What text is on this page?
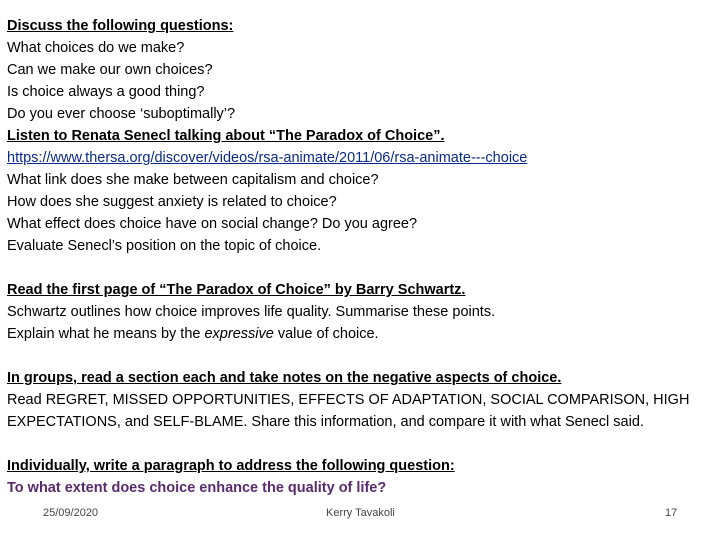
Discuss the following questions:
What choices do we make?
Can we make our own choices?
Is choice always a good thing?
Do you ever choose ‘suboptimally’?
Listen to Renata Senecl talking about “The Paradox of Choice”.
https://www.thersa.org/discover/videos/rsa-animate/2011/06/rsa-animate---choice
What link does she make between capitalism and choice?
How does she suggest anxiety is related to choice?
What effect does choice have on social change? Do you agree?
Evaluate Senecl’s position on the topic of choice.
Read the first page of “The Paradox of Choice” by Barry Schwartz.
Schwartz outlines how choice improves life quality. Summarise these points.
Explain what he means by the expressive value of choice.
In groups, read a section each and take notes on the negative aspects of choice.
Read REGRET, MISSED OPPORTUNITIES, EFFECTS OF ADAPTATION, SOCIAL COMPARISON, HIGH
EXPECTATIONS, and SELF-BLAME. Share this information, and compare it with what Senecl said.
Individually, write a paragraph to address the following question:
To what extent does choice enhance the quality of life?
25/09/2020	Kerry Tavakoli	17
